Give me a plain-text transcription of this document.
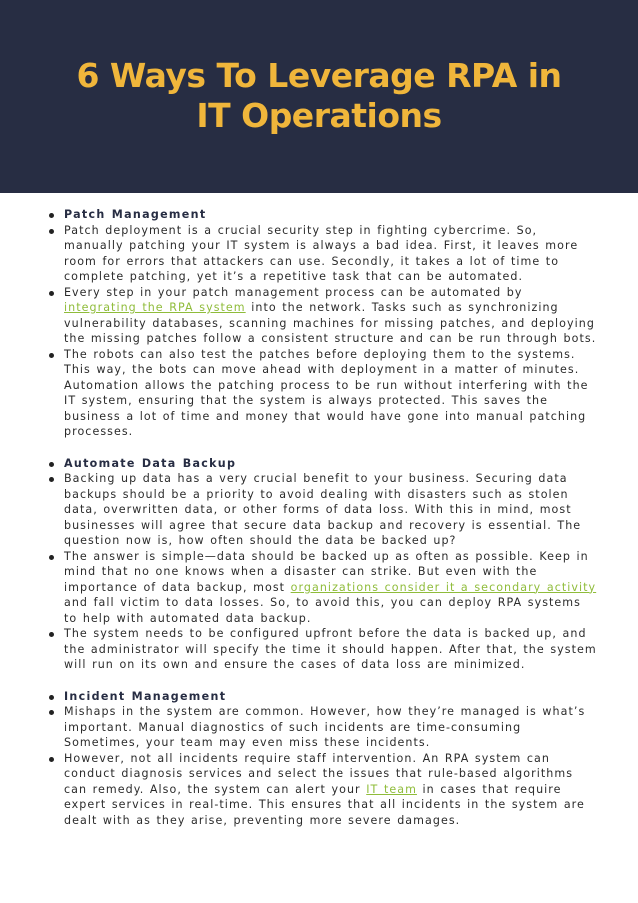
6 Ways To Leverage RPA in
IT Operations
Patch Management
Patch deployment is a crucial security step in fighting cybercrime. So, manually patching your IT system is always a bad idea. First, it leaves more room for errors that attackers can use. Secondly, it takes a lot of time to complete patching, yet it’s a repetitive task that can be automated.
Every step in your patch management process can be automated by integrating the RPA system into the network. Tasks such as synchronizing vulnerability databases, scanning machines for missing patches, and deploying the missing patches follow a consistent structure and can be run through bots.
The robots can also test the patches before deploying them to the systems. This way, the bots can move ahead with deployment in a matter of minutes. Automation allows the patching process to be run without interfering with the IT system, ensuring that the system is always protected. This saves the business a lot of time and money that would have gone into manual patching processes.
Automate Data Backup
Backing up data has a very crucial benefit to your business. Securing data backups should be a priority to avoid dealing with disasters such as stolen data, overwritten data, or other forms of data loss. With this in mind, most businesses will agree that secure data backup and recovery is essential. The question now is, how often should the data be backed up?
The answer is simple—data should be backed up as often as possible. Keep in mind that no one knows when a disaster can strike. But even with the importance of data backup, most organizations consider it a secondary activity and fall victim to data losses. So, to avoid this, you can deploy RPA systems to help with automated data backup.
The system needs to be configured upfront before the data is backed up, and the administrator will specify the time it should happen. After that, the system will run on its own and ensure the cases of data loss are minimized.
Incident Management
Mishaps in the system are common. However, how they’re managed is what’s important. Manual diagnostics of such incidents are time-consuming Sometimes, your team may even miss these incidents.
However, not all incidents require staff intervention. An RPA system can conduct diagnosis services and select the issues that rule-based algorithms can remedy. Also, the system can alert your IT team in cases that require expert services in real-time. This ensures that all incidents in the system are dealt with as they arise, preventing more severe damages.
